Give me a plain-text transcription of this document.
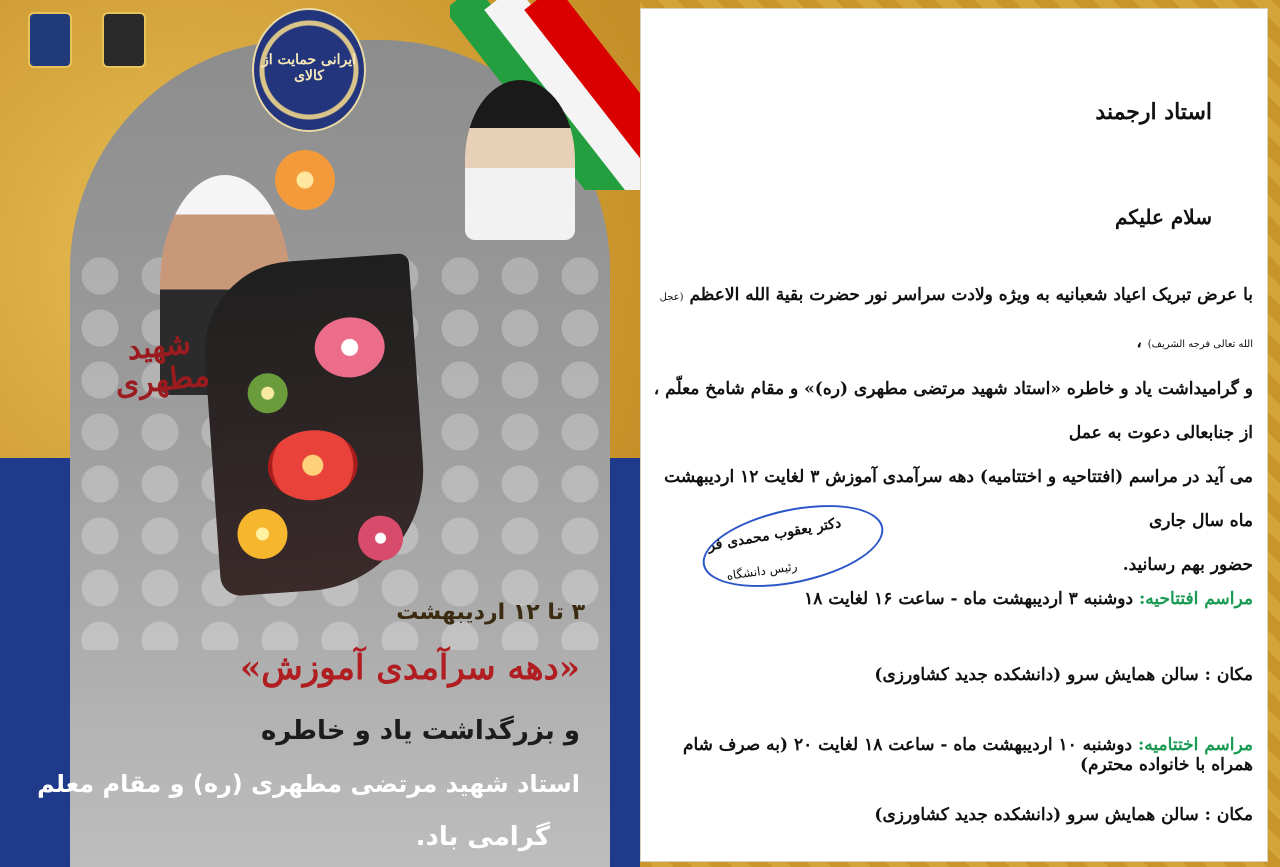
ایرانی حمایت از کالای
شهید مطهری
۳ تا ۱۲ اردیبهشت
«دهه سرآمدی آموزش»
و بزرگداشت یاد و خاطره
استاد شهید مرتضی مطهری (ره) و مقام معلم
گرامی باد.
استاد ارجمند
سلام علیکم
با عرض تبریک اعیاد شعبانیه به ویژه ولادت سراسر نور حضرت بقیة الله الاعظم (عجل الله تعالی فرجه الشریف) ،
و گرامیداشت یاد و خاطره «استاد شهید مرتضی مطهری (ره)» و مقام شامخ معلّم ، از جنابعالی دعوت به عمل
می آید در مراسم (افتتاحیه و اختتامیه) دهه سرآمدی آموزش ۳ لغایت ۱۲ اردیبهشت ماه سال جاری
حضور بهم رسانید.
دکتر یعقوب محمدی فر
رئیس دانشگاه
مراسم افتتاحیه: دوشنبه ۳ اردیبهشت ماه - ساعت ۱۶ لغایت ۱۸
مکان : سالن همایش سرو (دانشکده جدید کشاورزی)
مراسم اختتامیه: دوشنبه ۱۰ اردیبهشت ماه - ساعت ۱۸ لغایت ۲۰ (به صرف شام همراه با خانواده محترم)
مکان : سالن همایش سرو (دانشکده جدید کشاورزی)
